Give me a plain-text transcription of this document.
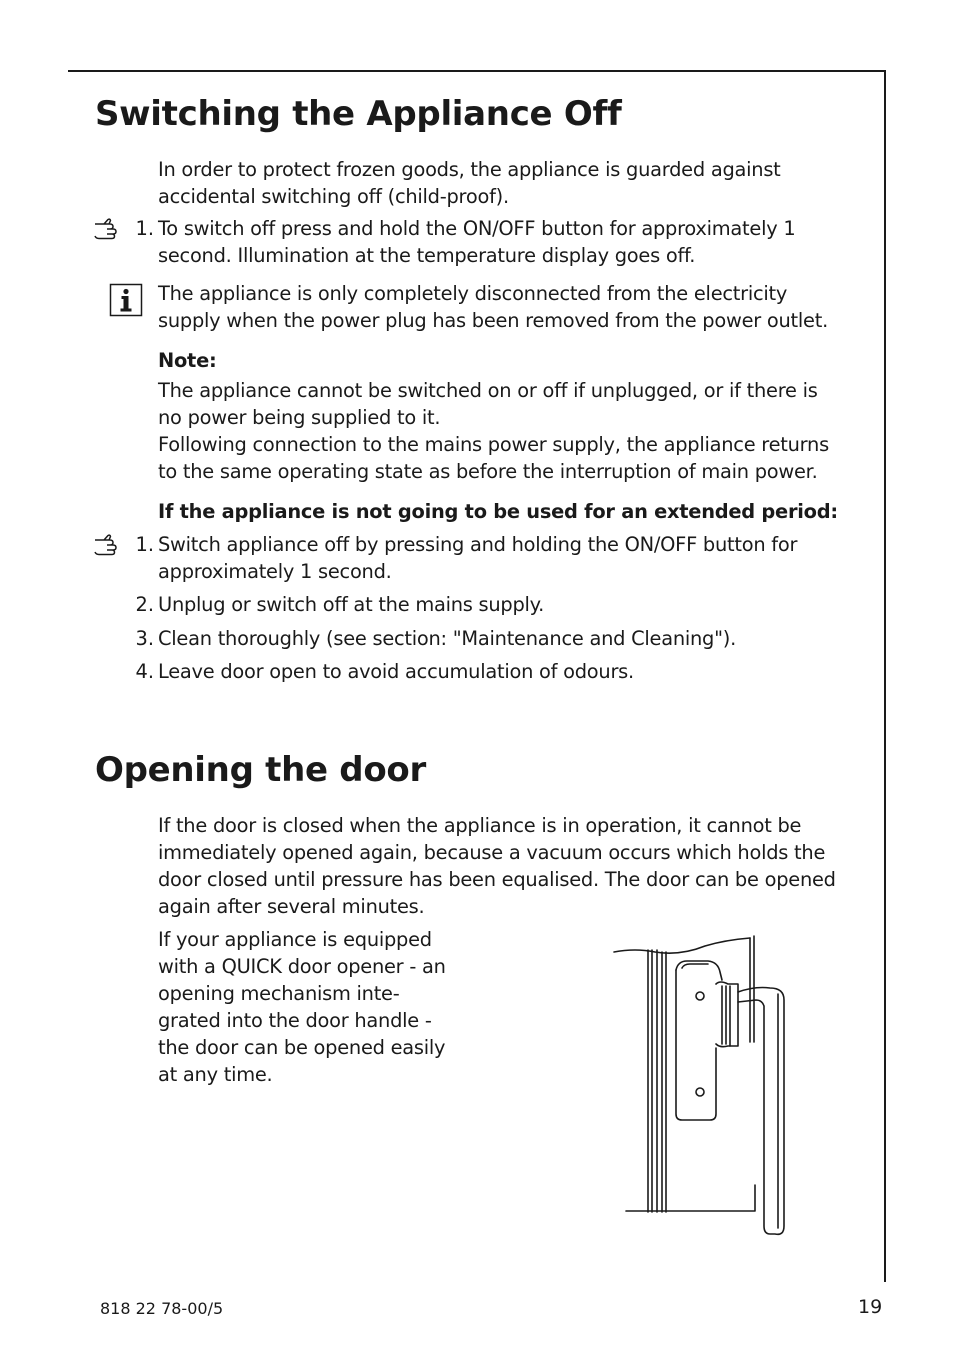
Switching the Appliance Off

In order to protect frozen goods, the appliance is guarded against

accidental switching off (child-proof).

1. To switch off press and hold the ON/OFF button for approximately 1

second. Illumination at the temperature display goes off.

The appliance is only completely disconnected from the electricity

supply when the power plug has been removed from the power outlet.

Note:

The appliance cannot be switched on or off if unplugged, or if there is

no power being supplied to it.

Following connection to the mains power supply, the appliance returns

to the same operating state as before the interruption of main power.

If the appliance is not going to be used for an extended period:

1. Switch appliance off by pressing and holding the ON/OFF button for

approximately 1 second.

2. Unplug or switch off at the mains supply.

3. Clean thoroughly (see section: "Maintenance and Cleaning").

4. Leave door open to avoid accumulation of odours.

Opening the door

If the door is closed when the appliance is in operation, it cannot be

immediately opened again, because a vacuum occurs which holds the

door closed until pressure has been equalised. The door can be opened

again after several minutes.

If your appliance is equipped

with a QUICK door opener - an

opening mechanism inte-

grated into the door handle -

the door can be opened easily

at any time.

818 22 78-00/5	19
